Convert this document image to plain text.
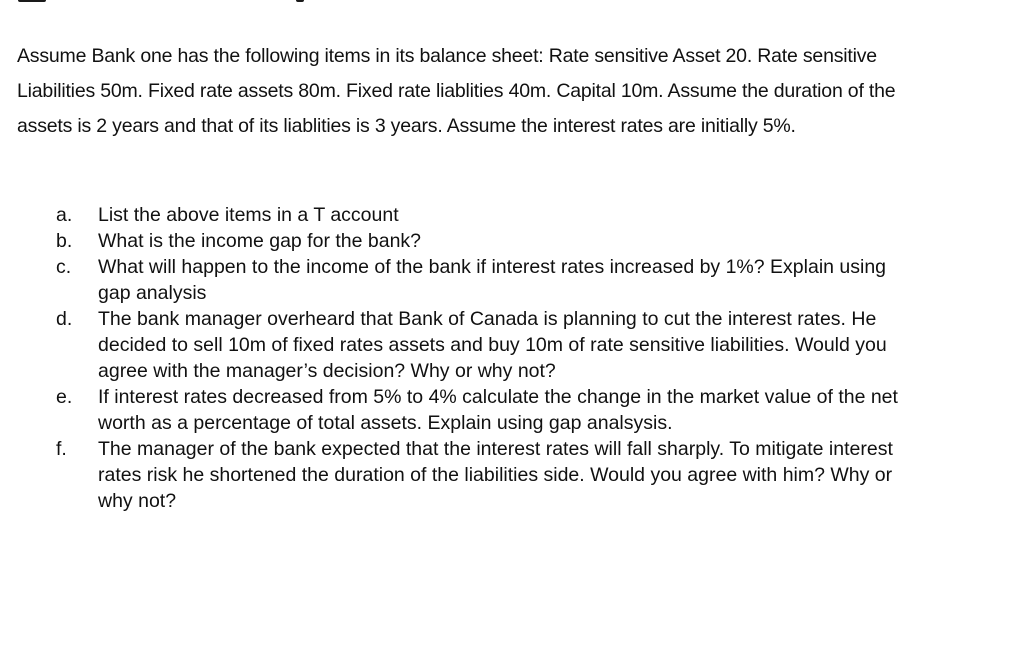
Assume Bank one has the following items in its balance sheet: Rate sensitive Asset 20. Rate sensitive Liabilities 50m. Fixed rate assets 80m. Fixed rate liablities 40m. Capital 10m. Assume the duration of the assets is 2 years and that of its liablities is 3 years. Assume the interest rates are initially 5%.

a. List the above items in a T account
b. What is the income gap for the bank?
c. What will happen to the income of the bank if interest rates increased by 1%? Explain using gap analysis
d. The bank manager overheard that Bank of Canada is planning to cut the interest rates. He decided to sell 10m of fixed rates assets and buy 10m of rate sensitive liabilities. Would you agree with the manager’s decision? Why or why not?
e. If interest rates decreased from 5% to 4% calculate the change in the market value of the net worth as a percentage of total assets. Explain using gap analsysis.
f. The manager of the bank expected that the interest rates will fall sharply. To mitigate interest rates risk he shortened the duration of the liabilities side. Would you agree with him? Why or why not?
